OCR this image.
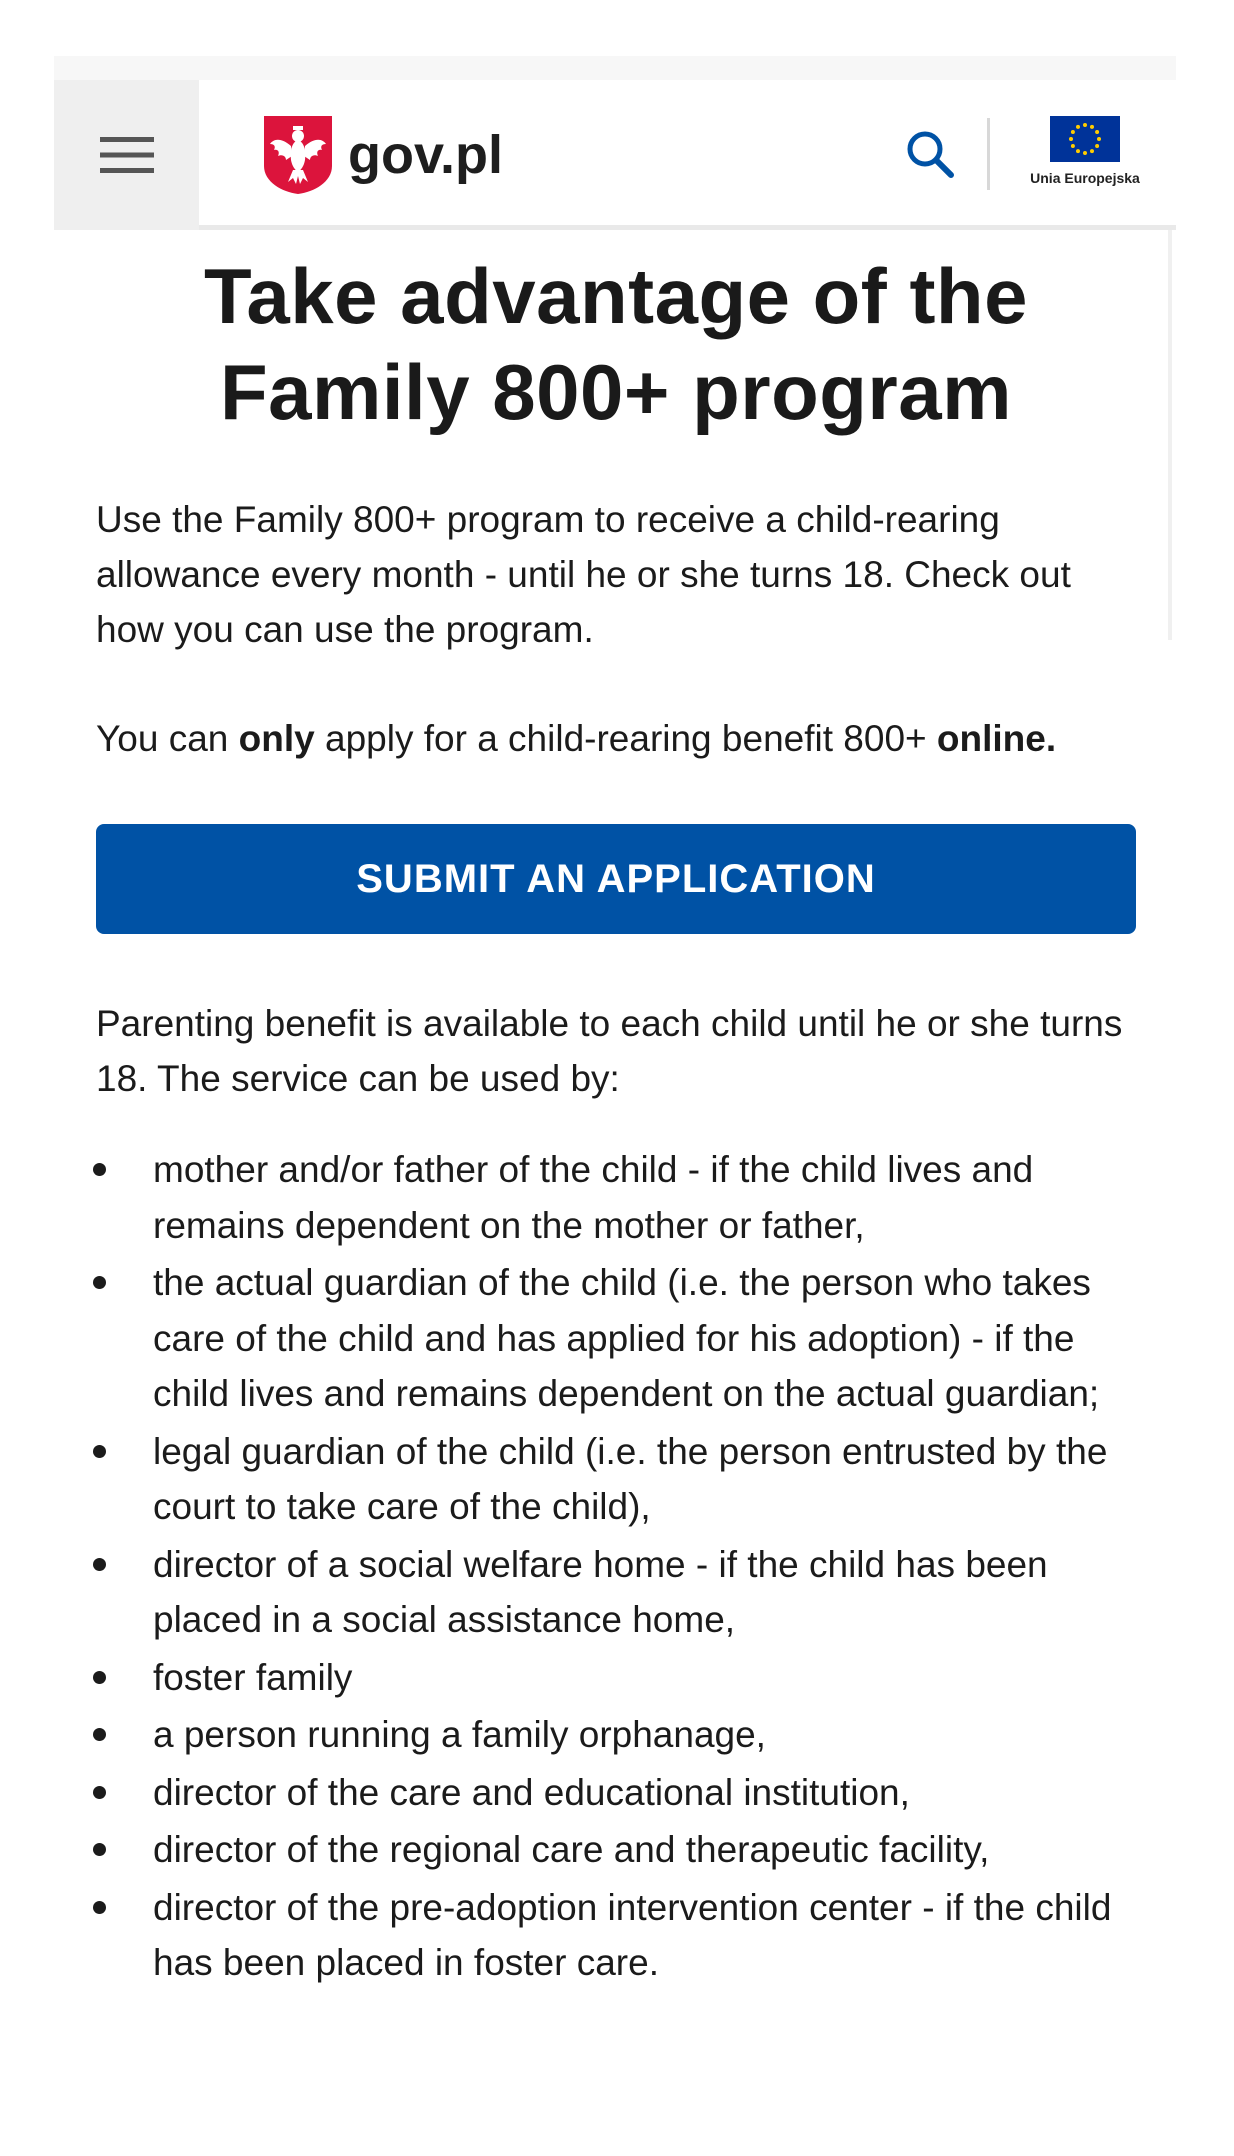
gov.pl	Unia Europejska
Take advantage of the Family 800+ program

Use the Family 800+ program to receive a child-rearing allowance every month - until he or she turns 18. Check out how you can use the program.

You can only apply for a child-rearing benefit 800+ online.

SUBMIT AN APPLICATION

Parenting benefit is available to each child until he or she turns 18. The service can be used by:

mother and/or father of the child - if the child lives and remains dependent on the mother or father,
the actual guardian of the child (i.e. the person who takes care of the child and has applied for his adoption) - if the child lives and remains dependent on the actual guardian;
legal guardian of the child (i.e. the person entrusted by the court to take care of the child),
director of a social welfare home - if the child has been placed in a social assistance home,
foster family
a person running a family orphanage,
director of the care and educational institution,
director of the regional care and therapeutic facility,
director of the pre-adoption intervention center - if the child has been placed in foster care.
